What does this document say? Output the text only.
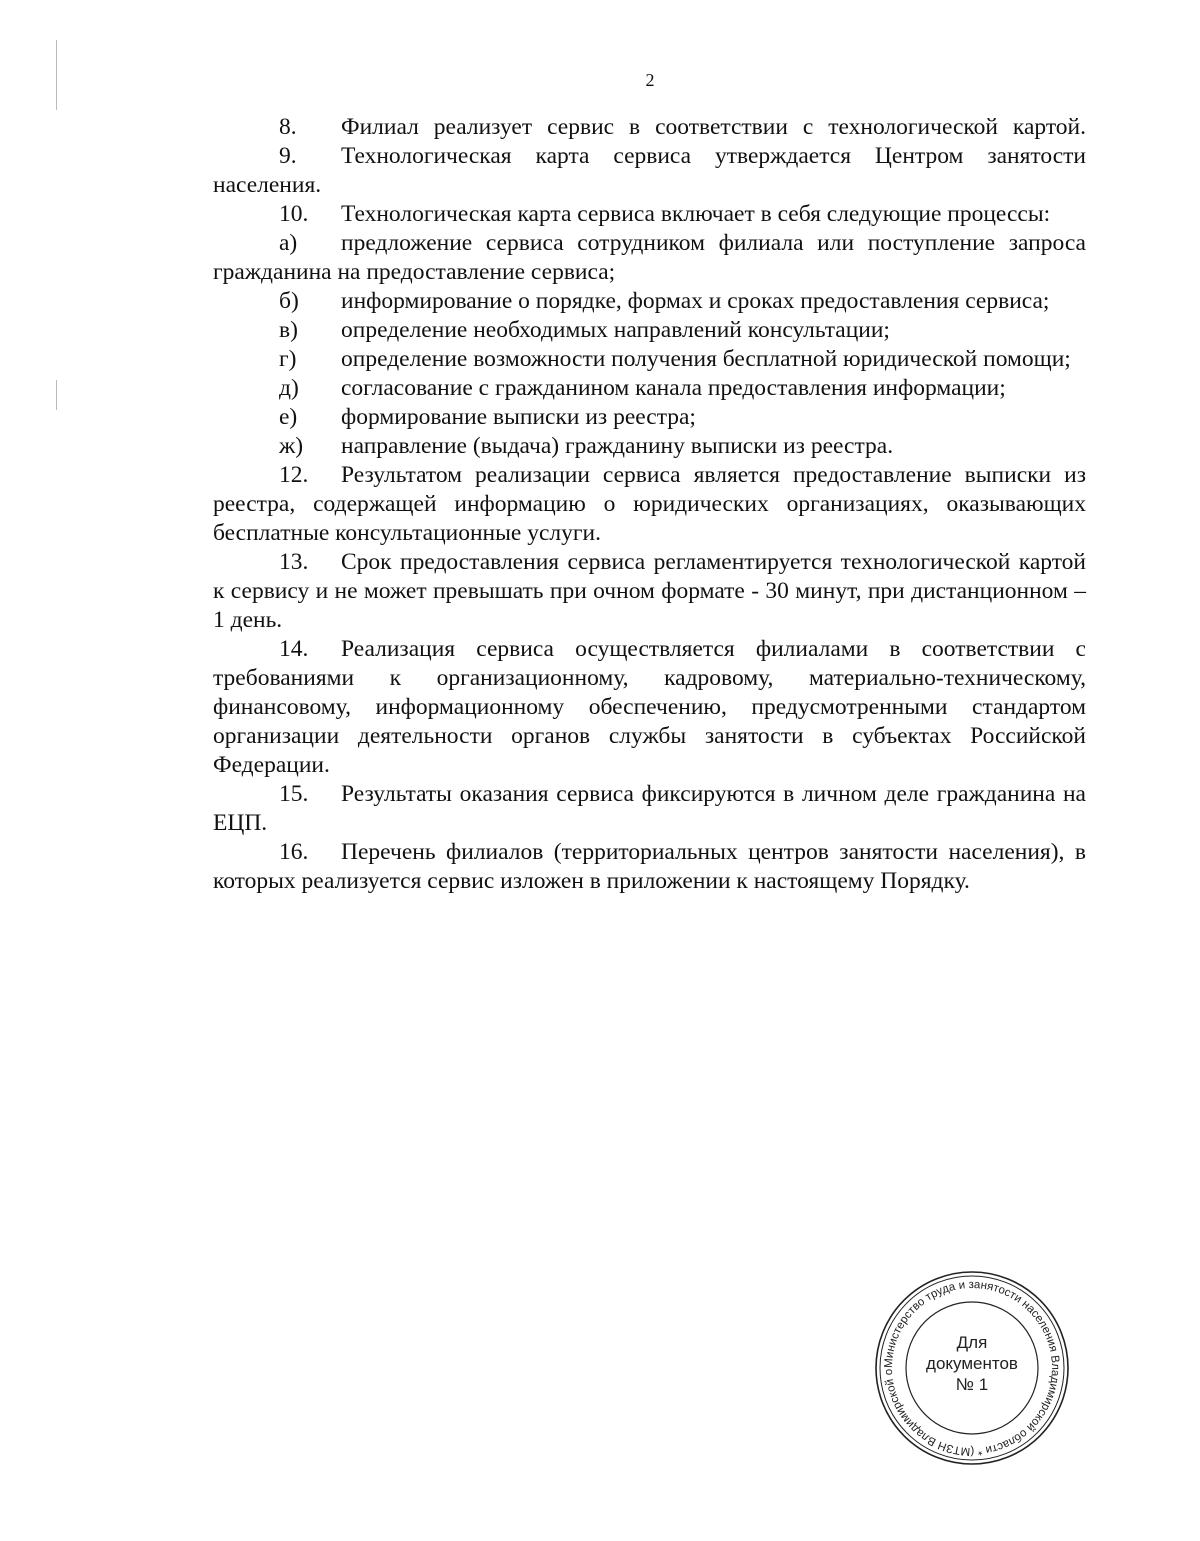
2

8. Филиал реализует сервис в соответствии с технологической картой.

9. Технологическая карта сервиса утверждается Центром занятости населения.

10. Технологическая карта сервиса включает в себя следующие процессы:

а) предложение сервиса сотрудником филиала или поступление запроса гражданина на предоставление сервиса;

б) информирование о порядке, формах и сроках предоставления сервиса;

в) определение необходимых направлений консультации;

г) определение возможности получения бесплатной юридической помощи;

д) согласование с гражданином канала предоставления информации;

е) формирование выписки из реестра;

ж) направление (выдача) гражданину выписки из реестра.

12. Результатом реализации сервиса является предоставление выписки из реестра, содержащей информацию о юридических организациях, оказывающих бесплатные консультационные услуги.

13. Срок предоставления сервиса регламентируется технологической картой к сервису и не может превышать при очном формате - 30 минут, при дистанционном – 1 день.

14. Реализация сервиса осуществляется филиалами в соответствии с требованиями к организационному, кадровому, материально-техническому, финансовому, информационному обеспечению, предусмотренными стандартом организации деятельности органов службы занятости в субъектах Российской Федерации.

15. Результаты оказания сервиса фиксируются в личном деле гражданина на ЕЦП.

16. Перечень филиалов (территориальных центров занятости населения), в которых реализуется сервис изложен в приложении к настоящему Порядку.

Министерство труда и занятости населения Владимирской области * (МТЗН Владимирской о
Для
документов
№ 1
